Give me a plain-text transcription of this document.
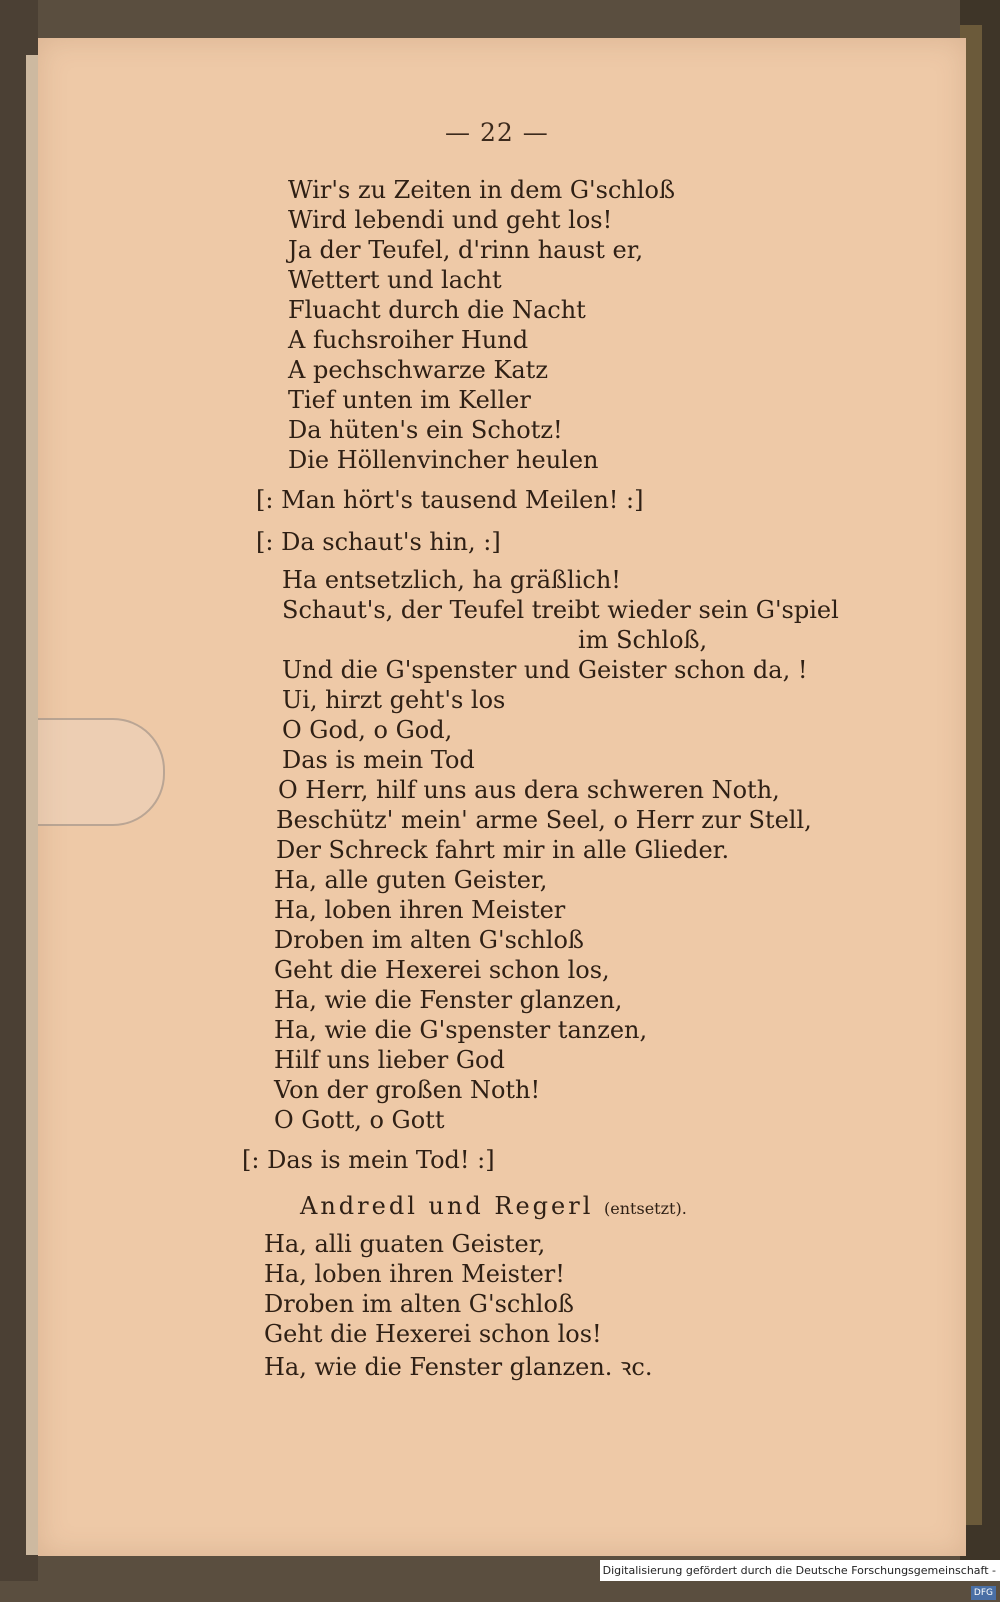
— 22 —
Wir's zu Zeiten in dem G'schloß
Wird lebendi und geht los!
Ja der Teufel, d'rinn haust er,
Wettert und lacht
Fluacht durch die Nacht
A fuchsroiher Hund
A pechschwarze Katz
Tief unten im Keller
Da hüten's ein Schotz!
Die Höllenvincher heulen
[: Man hört's tausend Meilen! :]
[: Da schaut's hin, :]
Ha entsetzlich, ha gräßlich!
Schaut's, der Teufel treibt wieder sein G'spiel
im Schloß,
Und die G'spenster und Geister schon da, !
Ui, hirzt geht's los
O God, o God,
Das is mein Tod
O Herr, hilf uns aus dera schweren Noth,
Beschütz' mein' arme Seel, o Herr zur Stell,
Der Schreck fahrt mir in alle Glieder.
Ha, alle guten Geister,
Ha, loben ihren Meister
Droben im alten G'schloß
Geht die Hexerei schon los,
Ha, wie die Fenster glanzen,
Ha, wie die G'spenster tanzen,
Hilf uns lieber God
Von der großen Noth!
O Gott, o Gott
[: Das is mein Tod! :]
Ha, alli guaten Geister,
Ha, loben ihren Meister!
Droben im alten G'schloß
Geht die Hexerei schon los!
Ha, wie die Fenster glanzen. ꝛc.
Andredl und Regerl (entsetzt).
Digitalisierung gefördert durch die Deutsche Forschungsgemeinschaft - DFG
